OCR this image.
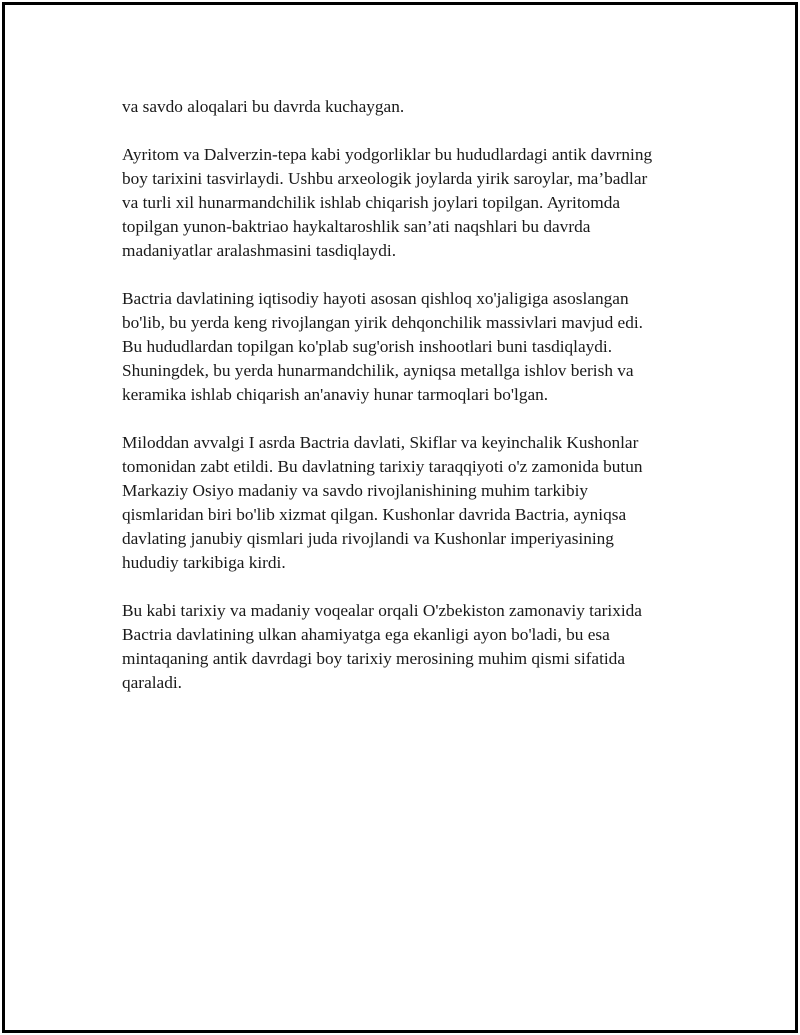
va savdo aloqalari bu davrda kuchaygan.

Ayritom va Dalverzin-tepa kabi yodgorliklar bu hududlardagi antik davrning
boy tarixini tasvirlaydi. Ushbu arxeologik joylarda yirik saroylar, ma’badlar
va turli xil hunarmandchilik ishlab chiqarish joylari topilgan. Ayritomda
topilgan yunon-baktriao haykaltaroshlik san’ati naqshlari bu davrda
madaniyatlar aralashmasini tasdiqlaydi.

Bactria davlatining iqtisodiy hayoti asosan qishloq xo'jaligiga asoslangan
bo'lib, bu yerda keng rivojlangan yirik dehqonchilik massivlari mavjud edi.
Bu hududlardan topilgan ko'plab sug'orish inshootlari buni tasdiqlaydi.
Shuningdek, bu yerda hunarmandchilik, ayniqsa metallga ishlov berish va
keramika ishlab chiqarish an'anaviy hunar tarmoqlari bo'lgan.

Miloddan avvalgi I asrda Bactria davlati, Skiflar va keyinchalik Kushonlar
tomonidan zabt etildi. Bu davlatning tarixiy taraqqiyoti o'z zamonida butun
Markaziy Osiyo madaniy va savdo rivojlanishining muhim tarkibiy
qismlaridan biri bo'lib xizmat qilgan. Kushonlar davrida Bactria, ayniqsa
davlating janubiy qismlari juda rivojlandi va Kushonlar imperiyasining
hududiy tarkibiga kirdi.

Bu kabi tarixiy va madaniy voqealar orqali O'zbekiston zamonaviy tarixida
Bactria davlatining ulkan ahamiyatga ega ekanligi ayon bo'ladi, bu esa
mintaqaning antik davrdagi boy tarixiy merosining muhim qismi sifatida
qaraladi.
